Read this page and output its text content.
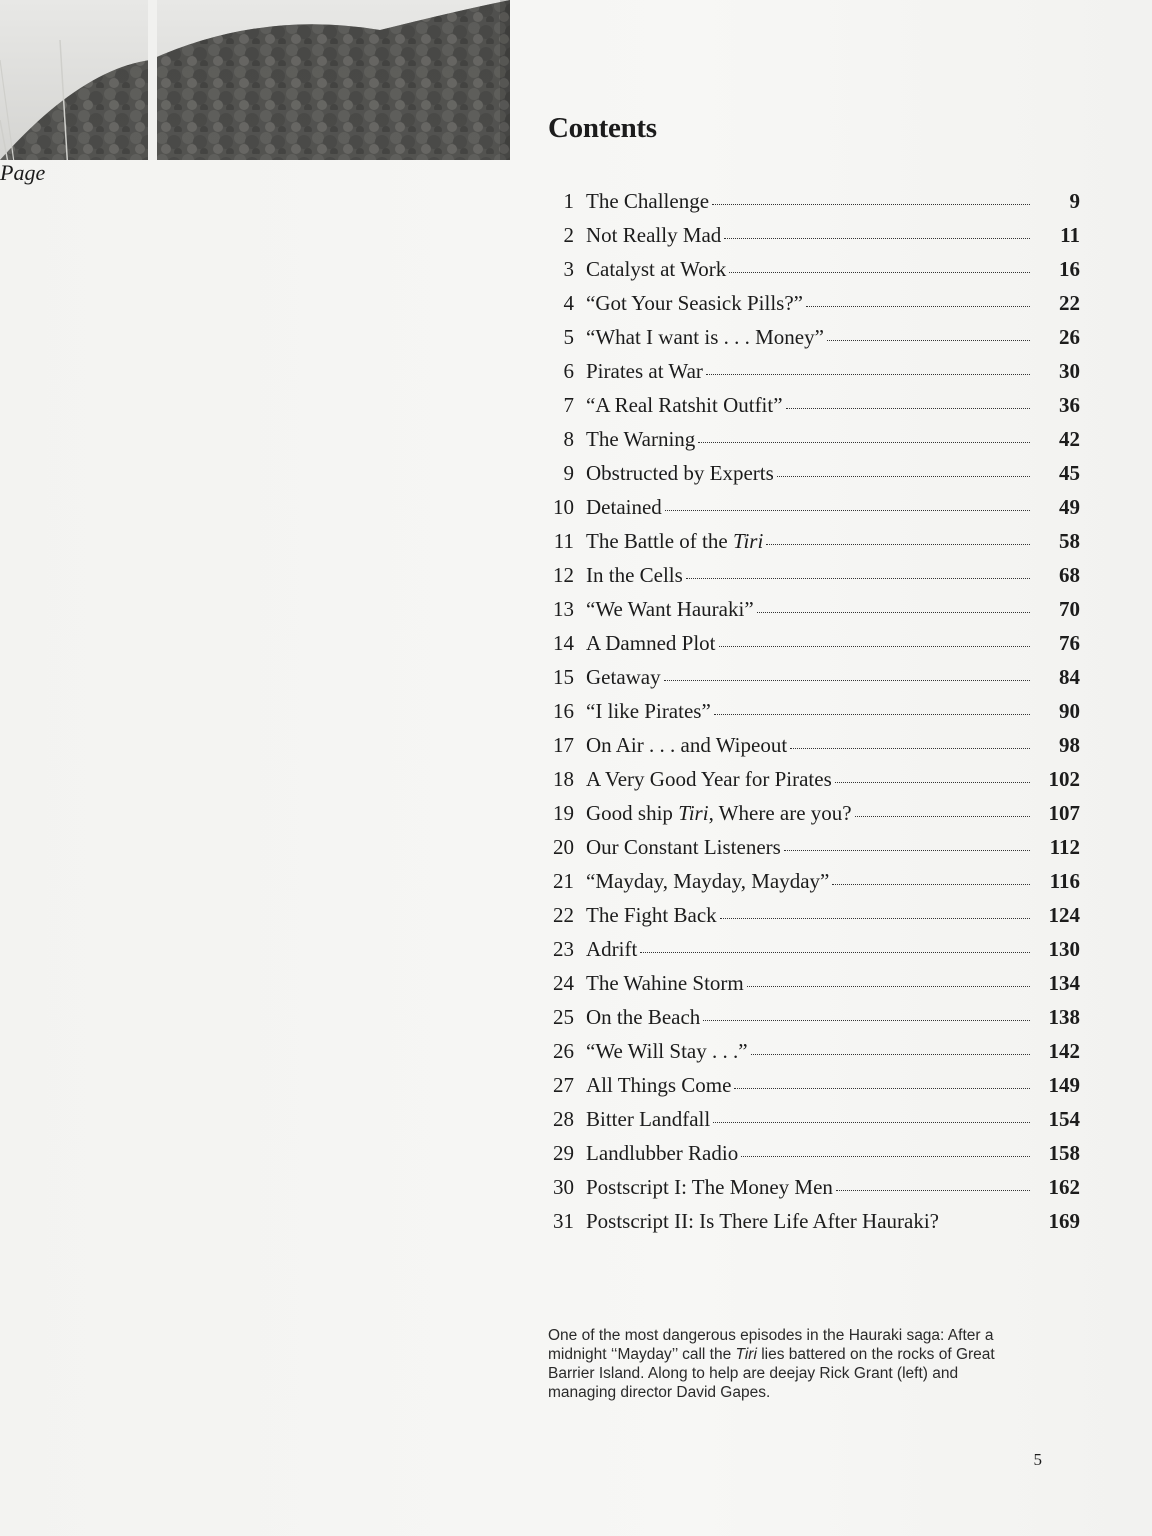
Contents
Page
1 The Challenge	9
2 Not Really Mad	11
3 Catalyst at Work	16
4 “Got Your Seasick Pills?”	22
5 “What I want is . . . Money”	26
6 Pirates at War	30
7 “A Real Ratshit Outfit”	36
8 The Warning	42
9 Obstructed by Experts	45
10 Detained	49
11 The Battle of the Tiri	58
12 In the Cells	68
13 “We Want Hauraki”	70
14 A Damned Plot	76
15 Getaway	84
16 “I like Pirates”	90
17 On Air . . . and Wipeout	98
18 A Very Good Year for Pirates	102
19 Good ship Tiri, Where are you?	107
20 Our Constant Listeners	112
21 “Mayday, Mayday, Mayday”	116
22 The Fight Back	124
23 Adrift	130
24 The Wahine Storm	134
25 On the Beach	138
26 “We Will Stay . . .”	142
27 All Things Come	149
28 Bitter Landfall	154
29 Landlubber Radio	158
30 Postscript I: The Money Men	162
31 Postscript II: Is There Life After Hauraki?	169

One of the most dangerous episodes in the Hauraki saga: After a midnight ‘‘Mayday’’ call the Tiri lies battered on the rocks of Great Barrier Island. Along to help are deejay Rick Grant (left) and managing director David Gapes.

5
